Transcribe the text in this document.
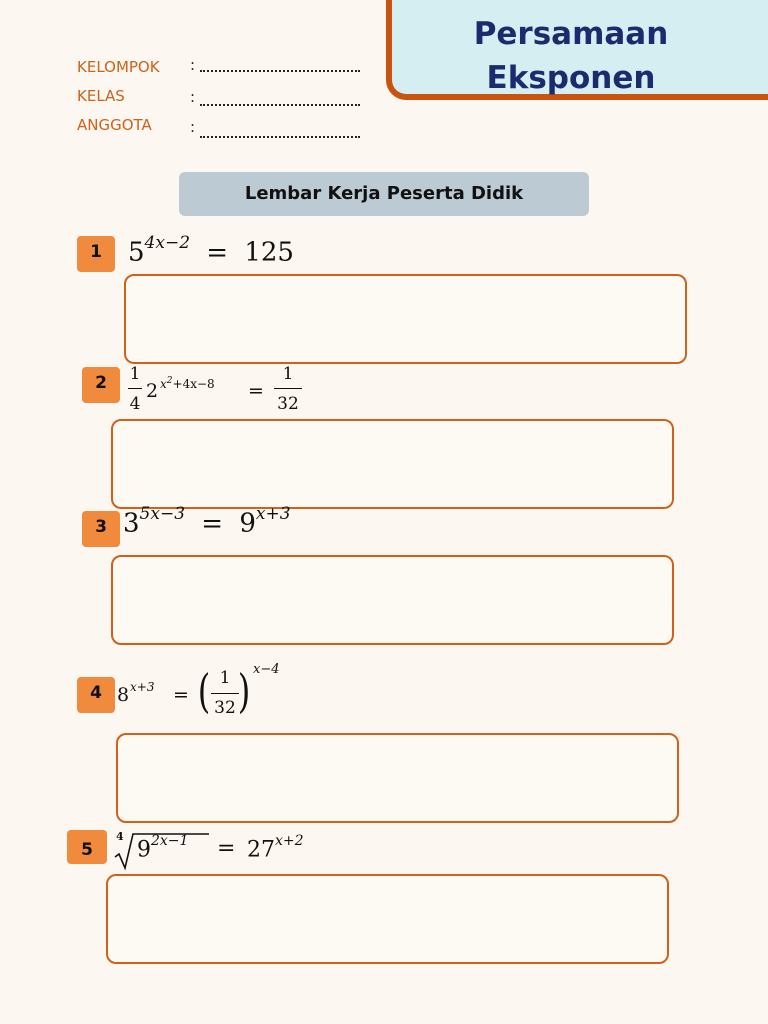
Persamaan
Eksponen
KELOMPOK :
KELAS	:
ANGGOTA	:
Lembar Kerja Peserta Didik
1	$5^{4x-2} = 125$
2	1
4
2 $x^2+4x-8$ =
1
32
3 $3^{5x-3} = 9^{x+3}$
4 8 x+3 = ( 1
32 ) x−4
5
4
$9^{2x-1} = 27^{x+2}$
